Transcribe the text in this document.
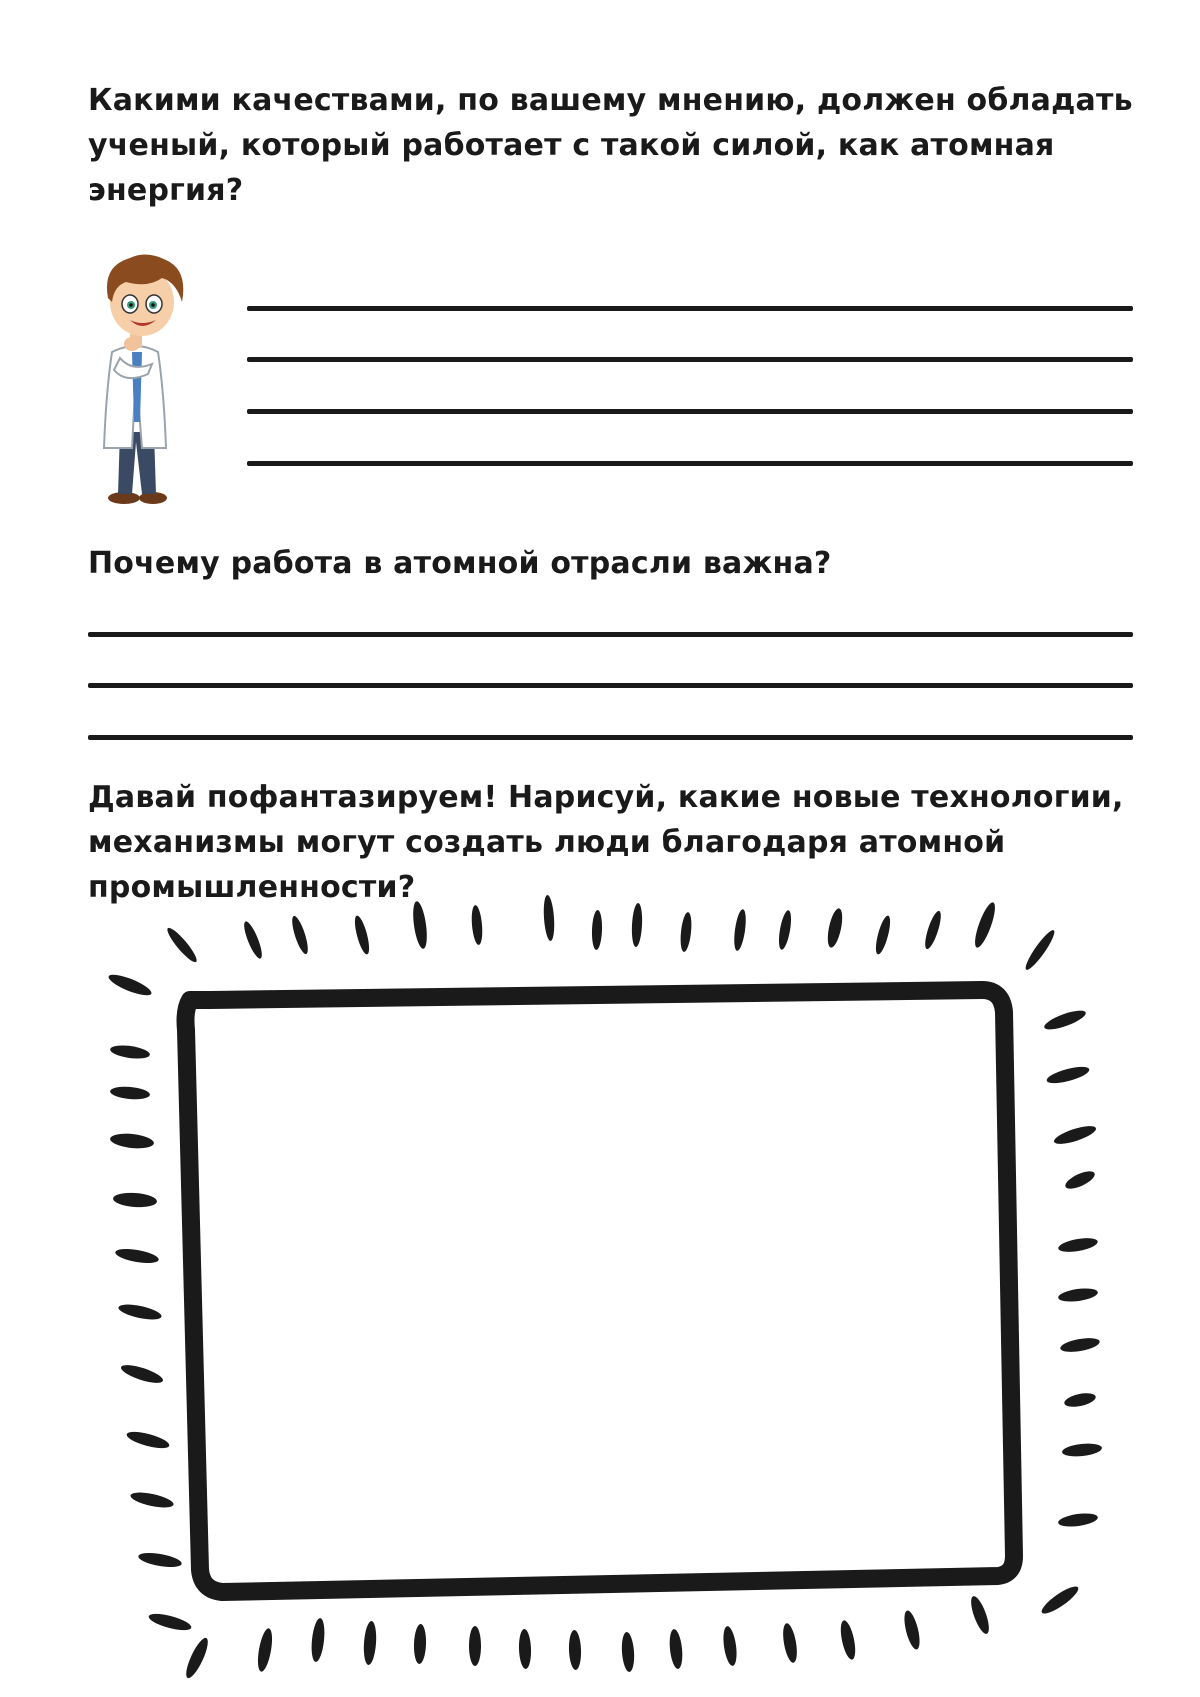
Какими качествами, по вашему мнению, должен обладать
ученый, который работает с такой силой, как атомная
энергия?

Почему работа в атомной отрасли важна?

Давай пофантазируем! Нарисуй, какие новые технологии,
механизмы могут создать люди благодаря атомной
промышленности?
